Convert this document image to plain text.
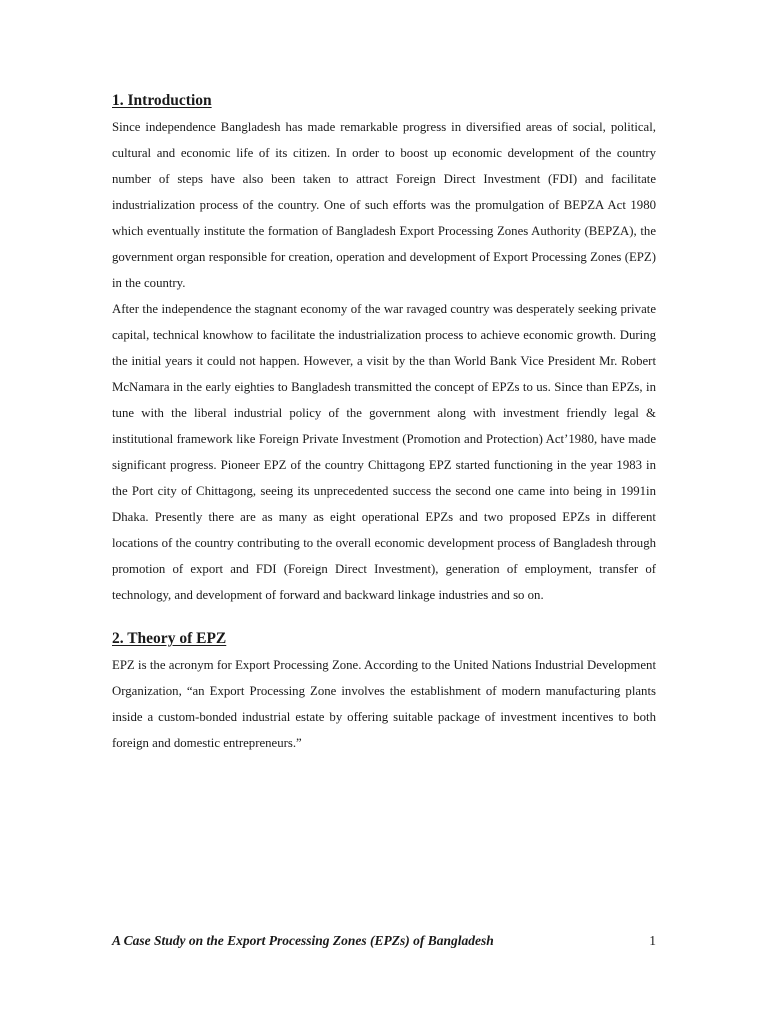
1. Introduction

Since independence Bangladesh has made remarkable progress in diversified areas of social, political, cultural and economic life of its citizen. In order to boost up economic development of the country number of steps have also been taken to attract Foreign Direct Investment (FDI) and facilitate industrialization process of the country. One of such efforts was the promulgation of BEPZA Act 1980 which eventually institute the formation of Bangladesh Export Processing Zones Authority (BEPZA), the government organ responsible for creation, operation and development of Export Processing Zones (EPZ) in the country.

After the independence the stagnant economy of the war ravaged country was desperately seeking private capital, technical knowhow to facilitate the industrialization process to achieve economic growth. During the initial years it could not happen. However, a visit by the than World Bank Vice President Mr. Robert McNamara in the early eighties to Bangladesh transmitted the concept of EPZs to us. Since than EPZs, in tune with the liberal industrial policy of the government along with investment friendly legal & institutional framework like Foreign Private Investment (Promotion and Protection) Act’1980, have made significant progress. Pioneer EPZ of the country Chittagong EPZ started functioning in the year 1983 in the Port city of Chittagong, seeing its unprecedented success the second one came into being in 1991in Dhaka. Presently there are as many as eight operational EPZs and two proposed EPZs in different locations of the country contributing to the overall economic development process of Bangladesh through promotion of export and FDI (Foreign Direct Investment), generation of employment, transfer of technology, and development of forward and backward linkage industries and so on.

2. Theory of EPZ

EPZ is the acronym for Export Processing Zone. According to the United Nations Industrial Development Organization, “an Export Processing Zone involves the establishment of modern manufacturing plants inside a custom-bonded industrial estate by offering suitable package of investment incentives to both foreign and domestic entrepreneurs.”

A Case Study on the Export Processing Zones (EPZs) of Bangladesh	1
